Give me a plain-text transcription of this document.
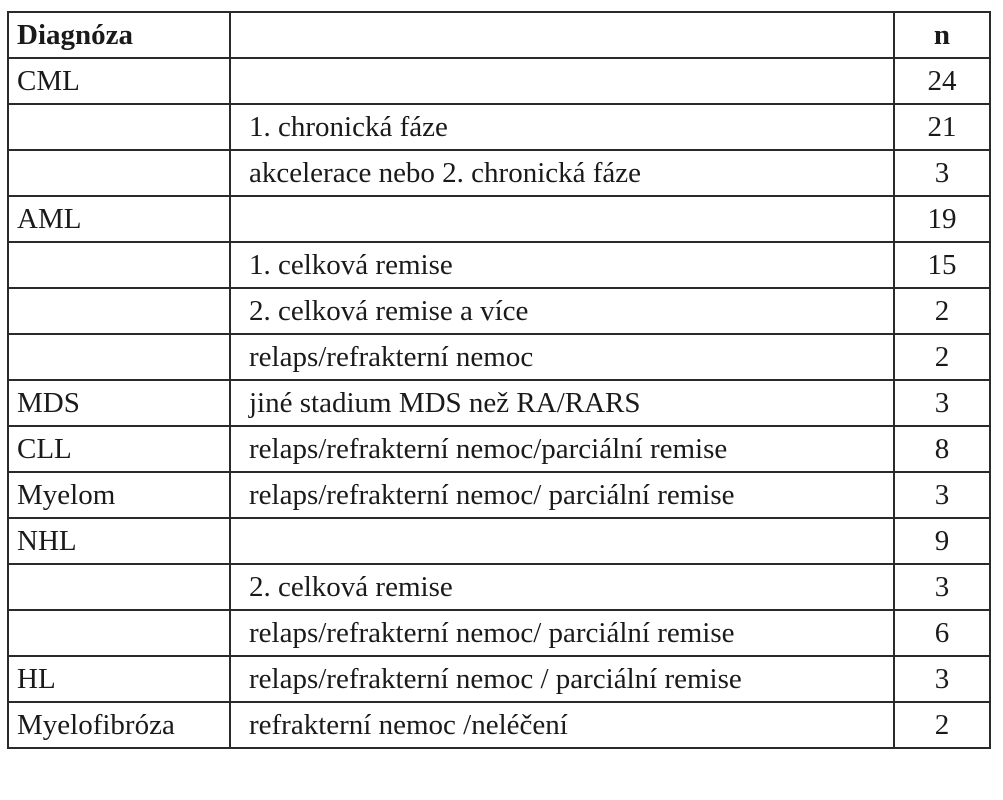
Diagnóza		n
CML		24
	1. chronická fáze	21
	akcelerace nebo 2. chronická fáze	3
AML		19
	1. celková remise	15
	2. celková remise a více	2
	relaps/refrakterní nemoc	2
MDS	jiné stadium MDS než RA/RARS	3
CLL	relaps/refrakterní nemoc/parciální remise	8
Myelom	relaps/refrakterní nemoc/ parciální remise	3
NHL		9
	2. celková remise	3
	relaps/refrakterní nemoc/ parciální remise	6
HL	relaps/refrakterní nemoc / parciální remise	3
Myelofibróza	refrakterní nemoc /neléčení	2
